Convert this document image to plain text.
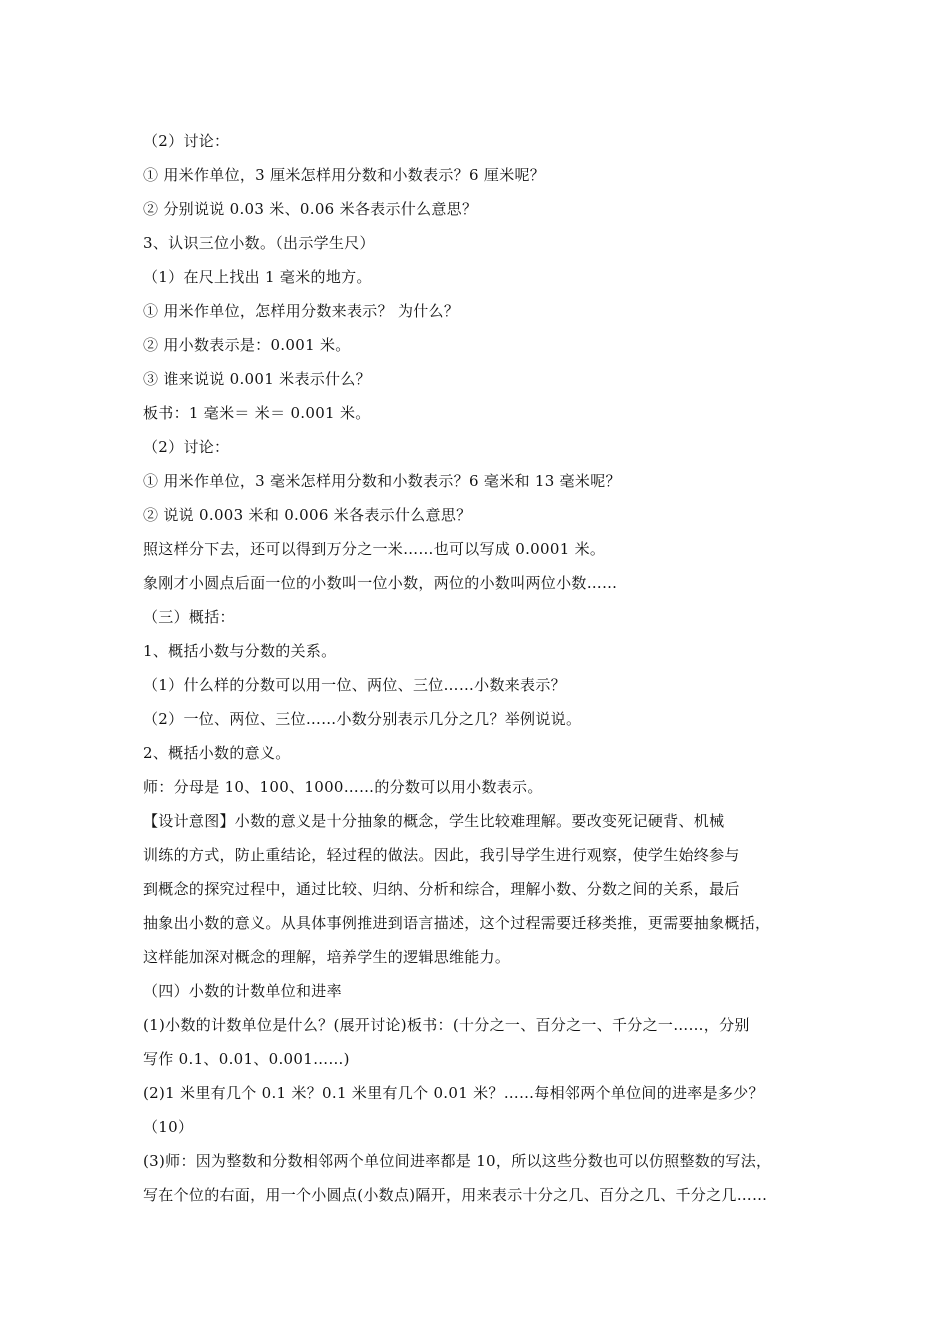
（2）讨论：
① 用米作单位，3 厘米怎样用分数和小数表示？6 厘米呢？
② 分别说说 0.03 米、0.06 米各表示什么意思？
3、认识三位小数。（出示学生尺）
（1）在尺上找出 1 毫米的地方。
① 用米作单位，怎样用分数来表示？ 为什么？
② 用小数表示是：0.001 米。
③ 谁来说说 0.001 米表示什么？
板书：1 毫米＝ 米＝ 0.001 米。
（2）讨论：
① 用米作单位，3 毫米怎样用分数和小数表示？6 毫米和 13 毫米呢？
② 说说 0.003 米和 0.006 米各表示什么意思？
照这样分下去，还可以得到万分之一米……也可以写成 0.0001 米。
象刚才小圆点后面一位的小数叫一位小数，两位的小数叫两位小数……
（三）概括：
1、概括小数与分数的关系。
（1）什么样的分数可以用一位、两位、三位……小数来表示？
（2）一位、两位、三位……小数分别表示几分之几？举例说说。
2、概括小数的意义。
师：分母是 10、100、1000……的分数可以用小数表示。
【设计意图】小数的意义是十分抽象的概念，学生比较难理解。要改变死记硬背、机械
训练的方式，防止重结论，轻过程的做法。因此，我引导学生进行观察，使学生始终参与
到概念的探究过程中，通过比较、归纳、分析和综合，理解小数、分数之间的关系，最后
抽象出小数的意义。从具体事例推进到语言描述，这个过程需要迁移类推，更需要抽象概括，
这样能加深对概念的理解，培养学生的逻辑思维能力。
（四）小数的计数单位和进率
(1)小数的计数单位是什么？(展开讨论)板书：(十分之一、百分之一、千分之一……，分别
写作 0.1、0.01、0.001……)
(2)1 米里有几个 0.1 米？0.1 米里有几个 0.01 米？……每相邻两个单位间的进率是多少？
（10）
(3)师：因为整数和分数相邻两个单位间进率都是 10，所以这些分数也可以仿照整数的写法，
写在个位的右面，用一个小圆点(小数点)隔开，用来表示十分之几、百分之几、千分之几……
